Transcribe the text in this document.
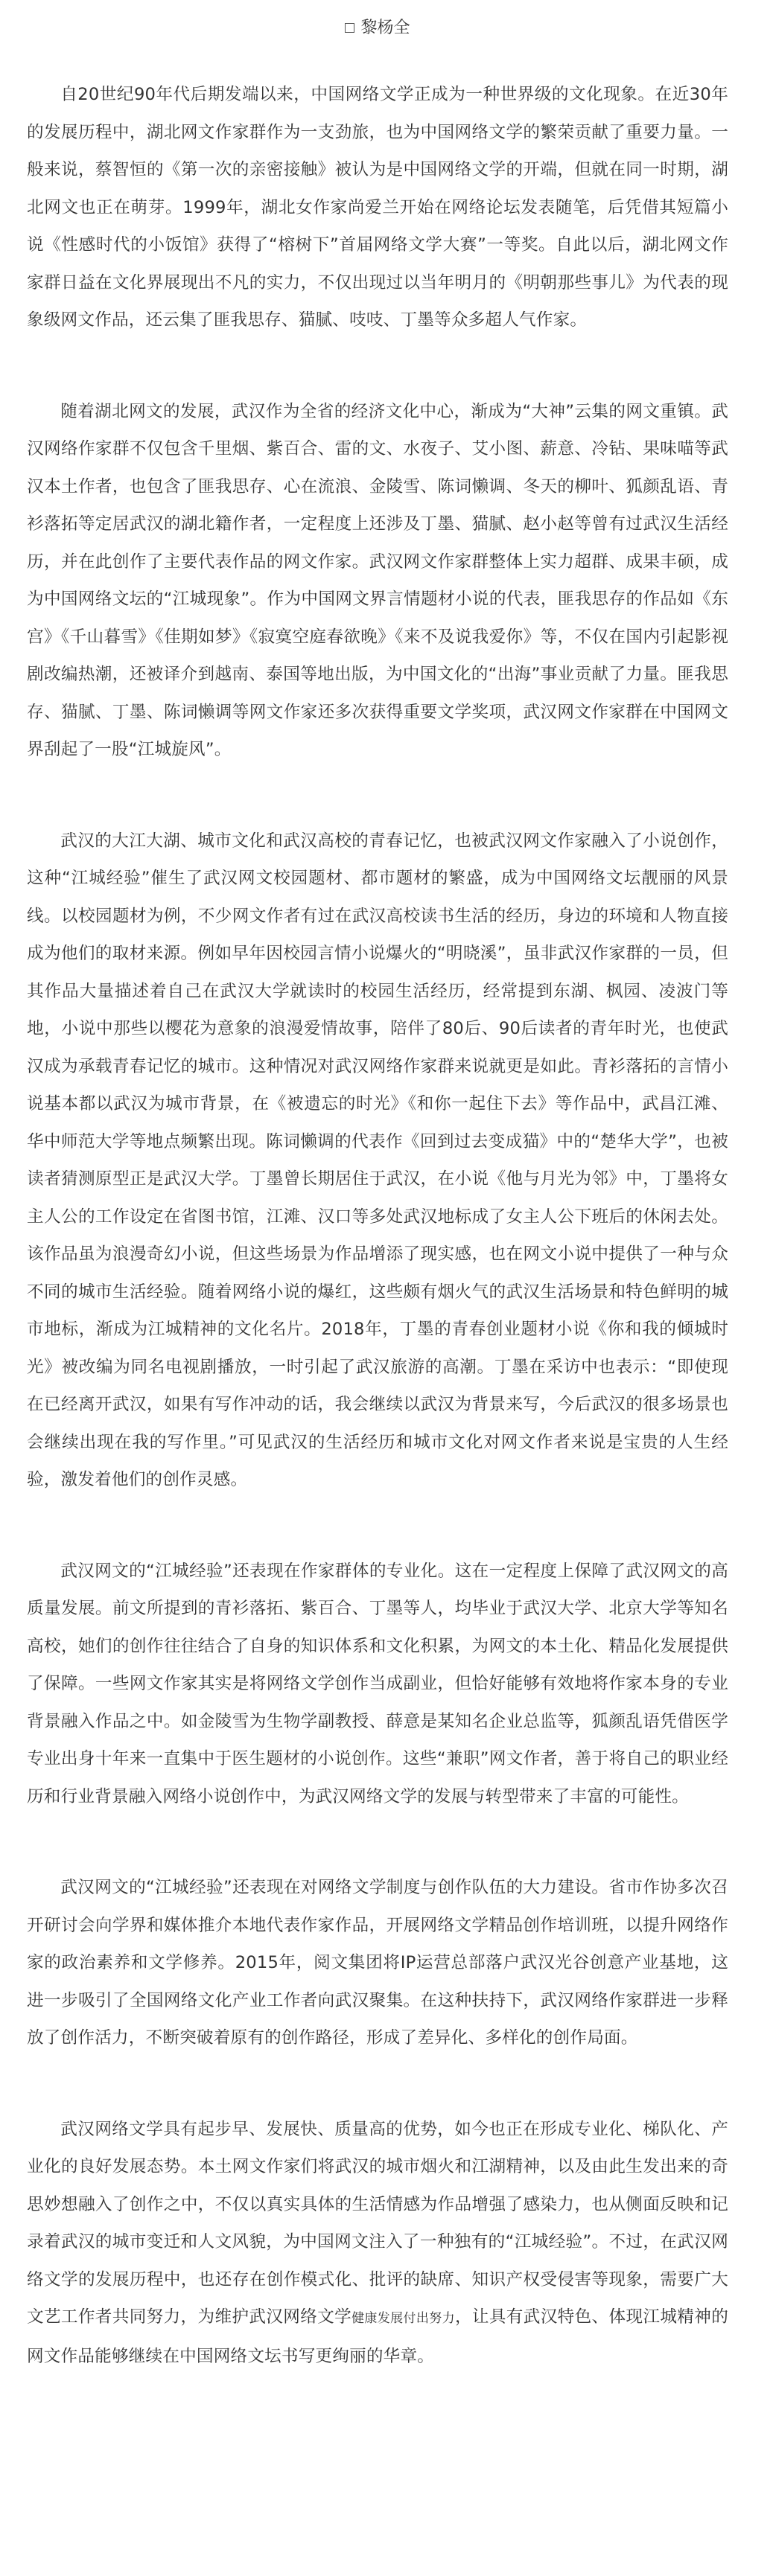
黎杨全

自20世纪90年代后期发端以来，中国网络文学正成为一种世界级的文化现象。在近30年的发展历程中，湖北网文作家群作为一支劲旅，也为中国网络文学的繁荣贡献了重要力量。一般来说，蔡智恒的《第一次的亲密接触》被认为是中国网络文学的开端，但就在同一时期，湖北网文也正在萌芽。1999年，湖北女作家尚爱兰开始在网络论坛发表随笔，后凭借其短篇小说《性感时代的小饭馆》获得了“榕树下”首届网络文学大赛”一等奖。自此以后，湖北网文作家群日益在文化界展现出不凡的实力，不仅出现过以当年明月的《明朝那些事儿》为代表的现象级网文作品，还云集了匪我思存、猫腻、吱吱、丁墨等众多超人气作家。

随着湖北网文的发展，武汉作为全省的经济文化中心，渐成为“大神”云集的网文重镇。武汉网络作家群不仅包含千里烟、紫百合、雷的文、水夜子、艾小图、薪意、冷钻、果味喵等武汉本土作者，也包含了匪我思存、心在流浪、金陵雪、陈词懒调、冬天的柳叶、狐颜乱语、青衫落拓等定居武汉的湖北籍作者，一定程度上还涉及丁墨、猫腻、赵小赵等曾有过武汉生活经历，并在此创作了主要代表作品的网文作家。武汉网文作家群整体上实力超群、成果丰硕，成为中国网络文坛的“江城现象”。作为中国网文界言情题材小说的代表，匪我思存的作品如《东宫》《千山暮雪》《佳期如梦》《寂寞空庭春欲晚》《来不及说我爱你》等，不仅在国内引起影视剧改编热潮，还被译介到越南、泰国等地出版，为中国文化的“出海”事业贡献了力量。匪我思存、猫腻、丁墨、陈词懒调等网文作家还多次获得重要文学奖项，武汉网文作家群在中国网文界刮起了一股“江城旋风”。

武汉的大江大湖、城市文化和武汉高校的青春记忆，也被武汉网文作家融入了小说创作，这种“江城经验”催生了武汉网文校园题材、都市题材的繁盛，成为中国网络文坛靓丽的风景线。以校园题材为例，不少网文作者有过在武汉高校读书生活的经历，身边的环境和人物直接成为他们的取材来源。例如早年因校园言情小说爆火的“明晓溪”，虽非武汉作家群的一员，但其作品大量描述着自己在武汉大学就读时的校园生活经历，经常提到东湖、枫园、凌波门等地，小说中那些以樱花为意象的浪漫爱情故事，陪伴了80后、90后读者的青年时光，也使武汉成为承载青春记忆的城市。这种情况对武汉网络作家群来说就更是如此。青衫落拓的言情小说基本都以武汉为城市背景，在《被遗忘的时光》《和你一起住下去》等作品中，武昌江滩、华中师范大学等地点频繁出现。陈词懒调的代表作《回到过去变成猫》中的“楚华大学”，也被读者猜测原型正是武汉大学。丁墨曾长期居住于武汉，在小说《他与月光为邻》中，丁墨将女主人公的工作设定在省图书馆，江滩、汉口等多处武汉地标成了女主人公下班后的休闲去处。该作品虽为浪漫奇幻小说，但这些场景为作品增添了现实感，也在网文小说中提供了一种与众不同的城市生活经验。随着网络小说的爆红，这些颇有烟火气的武汉生活场景和特色鲜明的城市地标，渐成为江城精神的文化名片。2018年，丁墨的青春创业题材小说《你和我的倾城时光》被改编为同名电视剧播放，一时引起了武汉旅游的高潮。丁墨在采访中也表示：“即使现在已经离开武汉，如果有写作冲动的话，我会继续以武汉为背景来写，今后武汉的很多场景也会继续出现在我的写作里。”可见武汉的生活经历和城市文化对网文作者来说是宝贵的人生经验，激发着他们的创作灵感。

武汉网文的“江城经验”还表现在作家群体的专业化。这在一定程度上保障了武汉网文的高质量发展。前文所提到的青衫落拓、紫百合、丁墨等人，均毕业于武汉大学、北京大学等知名高校，她们的创作往往结合了自身的知识体系和文化积累，为网文的本土化、精品化发展提供了保障。一些网文作家其实是将网络文学创作当成副业，但恰好能够有效地将作家本身的专业背景融入作品之中。如金陵雪为生物学副教授、薛意是某知名企业总监等，狐颜乱语凭借医学专业出身十年来一直集中于医生题材的小说创作。这些“兼职”网文作者，善于将自己的职业经历和行业背景融入网络小说创作中，为武汉网络文学的发展与转型带来了丰富的可能性。

武汉网文的“江城经验”还表现在对网络文学制度与创作队伍的大力建设。省市作协多次召开研讨会向学界和媒体推介本地代表作家作品，开展网络文学精品创作培训班，以提升网络作家的政治素养和文学修养。2015年，阅文集团将IP运营总部落户武汉光谷创意产业基地，这进一步吸引了全国网络文化产业工作者向武汉聚集。在这种扶持下，武汉网络作家群进一步释放了创作活力，不断突破着原有的创作路径，形成了差异化、多样化的创作局面。

武汉网络文学具有起步早、发展快、质量高的优势，如今也正在形成专业化、梯队化、产业化的良好发展态势。本土网文作家们将武汉的城市烟火和江湖精神，以及由此生发出来的奇思妙想融入了创作之中，不仅以真实具体的生活情感为作品增强了感染力，也从侧面反映和记录着武汉的城市变迁和人文风貌，为中国网文注入了一种独有的“江城经验”。不过，在武汉网络文学的发展历程中，也还存在创作模式化、批评的缺席、知识产权受侵害等现象，需要广大文艺工作者共同努力，为维护武汉网络文学健康发展付出努力，让具有武汉特色、体现江城精神的网文作品能够继续在中国网络文坛书写更绚丽的华章。
